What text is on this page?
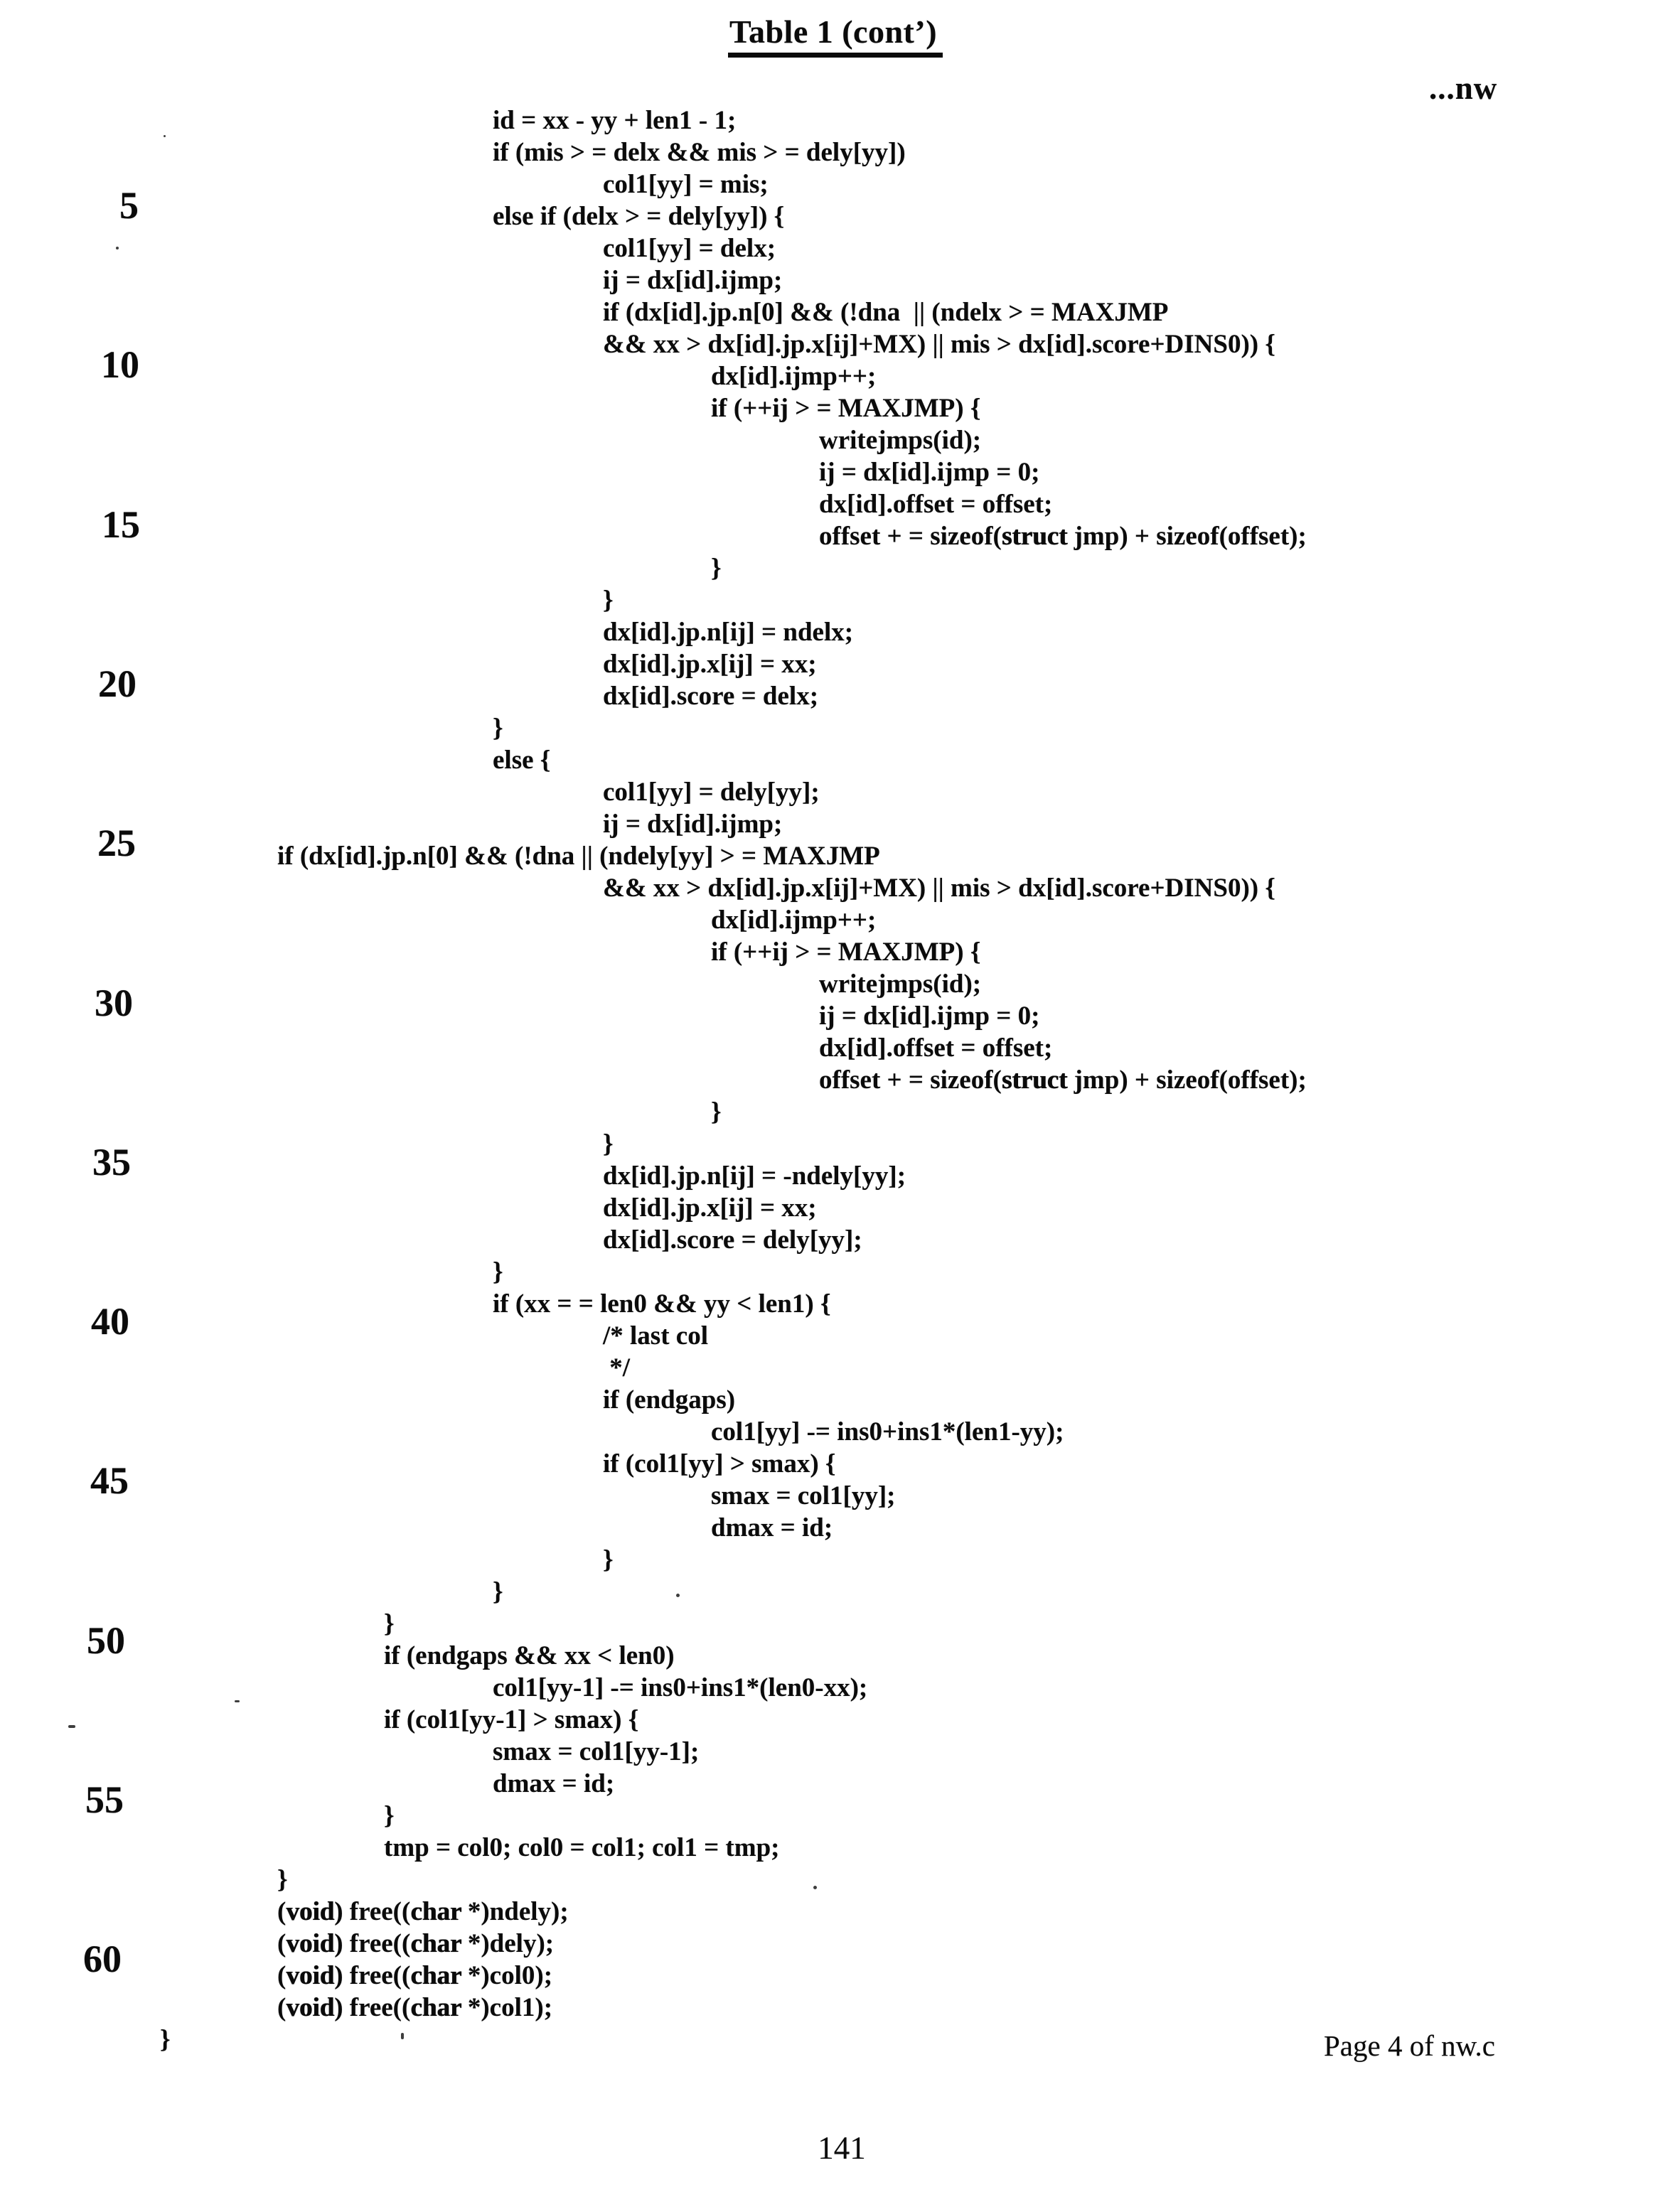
Table 1 (cont’)
...nw
5
10
15
20
25
30
35
40
45
50
55
60
id = xx - yy + len1 - 1;
if (mis > = delx && mis > = dely[yy])
col1[yy] = mis;
else if (delx > = dely[yy]) {
col1[yy] = delx;
ij = dx[id].ijmp;
if (dx[id].jp.n[0] && (!dna  || (ndelx > = MAXJMP
&& xx > dx[id].jp.x[ij]+MX) || mis > dx[id].score+DINS0)) {
dx[id].ijmp++;
if (++ij > = MAXJMP) {
writejmps(id);
ij = dx[id].ijmp = 0;
dx[id].offset = offset;
offset + = sizeof(struct jmp) + sizeof(offset);
}
}
dx[id].jp.n[ij] = ndelx;
dx[id].jp.x[ij] = xx;
dx[id].score = delx;
}
else {
col1[yy] = dely[yy];
ij = dx[id].ijmp;
if (dx[id].jp.n[0] && (!dna || (ndely[yy] > = MAXJMP
&& xx > dx[id].jp.x[ij]+MX) || mis > dx[id].score+DINS0)) {
dx[id].ijmp++;
if (++ij > = MAXJMP) {
writejmps(id);
ij = dx[id].ijmp = 0;
dx[id].offset = offset;
offset + = sizeof(struct jmp) + sizeof(offset);
}
}
dx[id].jp.n[ij] = -ndely[yy];
dx[id].jp.x[ij] = xx;
dx[id].score = dely[yy];
}
if (xx = = len0 && yy < len1) {
/* last col
*/
if (endgaps)
col1[yy] -= ins0+ins1*(len1-yy);
if (col1[yy] > smax) {
smax = col1[yy];
dmax = id;
}
}
}
if (endgaps && xx < len0)
col1[yy-1] -= ins0+ins1*(len0-xx);
if (col1[yy-1] > smax) {
smax = col1[yy-1];
dmax = id;
}
tmp = col0; col0 = col1; col1 = tmp;
}
(void) free((char *)ndely);
(void) free((char *)dely);
(void) free((char *)col0);
(void) free((char *)col1);
}	Page 4 of nw.c
141
